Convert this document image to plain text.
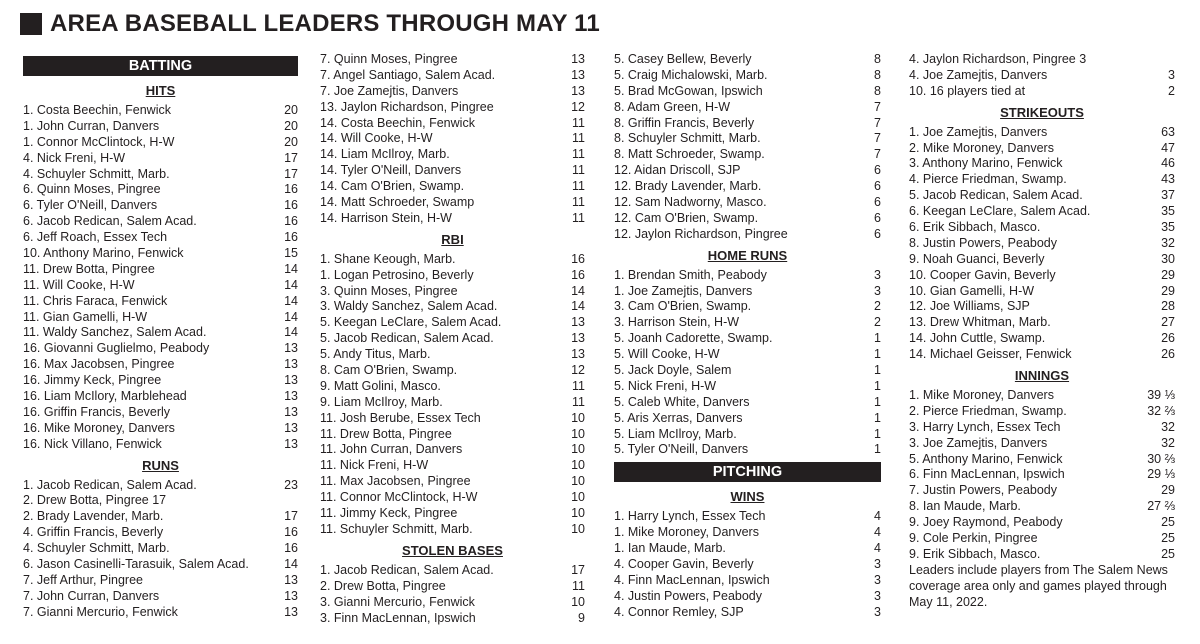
AREA BASEBALL LEADERS THROUGH MAY 11
BATTING
HITS
1. Costa Beechin, Fenwick	20
1. John Curran, Danvers	20
1. Connor McClintock, H-W	20
4. Nick Freni, H-W	17
4. Schuyler Schmitt, Marb.	17
6. Quinn Moses, Pingree	16
6. Tyler O'Neill, Danvers	16
6. Jacob Redican, Salem Acad.	16
6. Jeff Roach, Essex Tech	16
10. Anthony Marino, Fenwick	15
11. Drew Botta, Pingree	14
11. Will Cooke, H-W	14
11. Chris Faraca, Fenwick	14
11. Gian Gamelli, H-W	14
11. Waldy Sanchez, Salem Acad.	14
16. Giovanni Guglielmo, Peabody	13
16. Max Jacobsen, Pingree	13
16. Jimmy Keck, Pingree	13
16. Liam McIlory, Marblehead	13
16. Griffin Francis, Beverly	13
16. Mike Moroney, Danvers	13
16. Nick Villano, Fenwick	13
RUNS
1. Jacob Redican, Salem Acad.	23
2. Drew Botta, Pingree 17
2. Brady Lavender, Marb.	17
4. Griffin Francis, Beverly	16
4. Schuyler Schmitt, Marb.	16
6. Jason Casinelli-Tarasuik, Salem Acad.	14
7. Jeff Arthur, Pingree	13
7. John Curran, Danvers	13
7. Gianni Mercurio, Fenwick	13
7. Quinn Moses, Pingree	13
7. Angel Santiago, Salem Acad.	13
7. Joe Zamejtis, Danvers	13
13. Jaylon Richardson, Pingree	12
14. Costa Beechin, Fenwick	11
14. Will Cooke, H-W	11
14. Liam McIlroy, Marb.	11
14. Tyler O'Neill, Danvers	11
14. Cam O'Brien, Swamp.	11
14. Matt Schroeder, Swamp	11
14. Harrison Stein, H-W	11
RBI
1. Shane Keough, Marb.	16
1. Logan Petrosino, Beverly	16
3. Quinn Moses, Pingree	14
3. Waldy Sanchez, Salem Acad.	14
5. Keegan LeClare, Salem Acad.	13
5. Jacob Redican, Salem Acad.	13
5. Andy Titus, Marb.	13
8. Cam O'Brien, Swamp.	12
9. Matt Golini, Masco.	11
9. Liam McIlroy, Marb.	11
11. Josh Berube, Essex Tech	10
11. Drew Botta, Pingree	10
11. John Curran, Danvers	10
11. Nick Freni, H-W	10
11. Max Jacobsen, Pingree	10
11. Connor McClintock, H-W	10
11. Jimmy Keck, Pingree	10
11. Schuyler Schmitt, Marb.	10
STOLEN BASES
1. Jacob Redican, Salem Acad.	17
2. Drew Botta, Pingree	11
3. Gianni Mercurio, Fenwick	10
3. Finn MacLennan, Ipswich	9
5. Casey Bellew, Beverly	8
5. Craig Michalowski, Marb.	8
5. Brad McGowan, Ipswich	8
8. Adam Green, H-W	7
8. Griffin Francis, Beverly	7
8. Schuyler Schmitt, Marb.	7
8. Matt Schroeder, Swamp.	7
12. Aidan Driscoll, SJP	6
12. Brady Lavender, Marb.	6
12. Sam Nadworny, Masco.	6
12. Cam O'Brien, Swamp.	6
12. Jaylon Richardson, Pingree	6
HOME RUNS
1. Brendan Smith, Peabody	3
1. Joe Zamejtis, Danvers	3
3. Cam O'Brien, Swamp.	2
3. Harrison Stein, H-W	2
5. Joanh Cadorette, Swamp.	1
5. Will Cooke, H-W	1
5. Jack Doyle, Salem	1
5. Nick Freni, H-W	1
5. Caleb White, Danvers	1
5. Aris Xerras, Danvers	1
5. Liam McIlroy, Marb.	1
5. Tyler O'Neill, Danvers	1
PITCHING
WINS
1. Harry Lynch, Essex Tech	4
1. Mike Moroney, Danvers	4
1. Ian Maude, Marb.	4
4. Cooper Gavin, Beverly	3
4. Finn MacLennan, Ipswich	3
4. Justin Powers, Peabody	3
4. Connor Remley, SJP	3
4. Jaylon Richardson, Pingree 3
4. Joe Zamejtis, Danvers	3
10. 16 players tied at	2
STRIKEOUTS
1. Joe Zamejtis, Danvers	63
2. Mike Moroney, Danvers	47
3. Anthony Marino, Fenwick	46
4. Pierce Friedman, Swamp.	43
5. Jacob Redican, Salem Acad.	37
6. Keegan LeClare, Salem Acad.	35
6. Erik Sibbach, Masco.	35
8. Justin Powers, Peabody	32
9. Noah Guanci, Beverly	30
10. Cooper Gavin, Beverly	29
10. Gian Gamelli, H-W	29
12. Joe Williams, SJP	28
13. Drew Whitman, Marb.	27
14. John Cuttle, Swamp.	26
14. Michael Geisser, Fenwick	26
INNINGS
1. Mike Moroney, Danvers	39 ⅓
2. Pierce Friedman, Swamp.	32 ⅔
3. Harry Lynch, Essex Tech	32
3. Joe Zamejtis, Danvers	32
5. Anthony Marino, Fenwick	30 ⅔
6. Finn MacLennan, Ipswich	29 ⅓
7. Justin Powers, Peabody	29
8. Ian Maude, Marb.	27 ⅔
9. Joey Raymond, Peabody	25
9. Cole Perkin, Pingree	25
9. Erik Sibbach, Masco.	25
Leaders include players from The Salem News coverage area only and games played through May 11, 2022.
